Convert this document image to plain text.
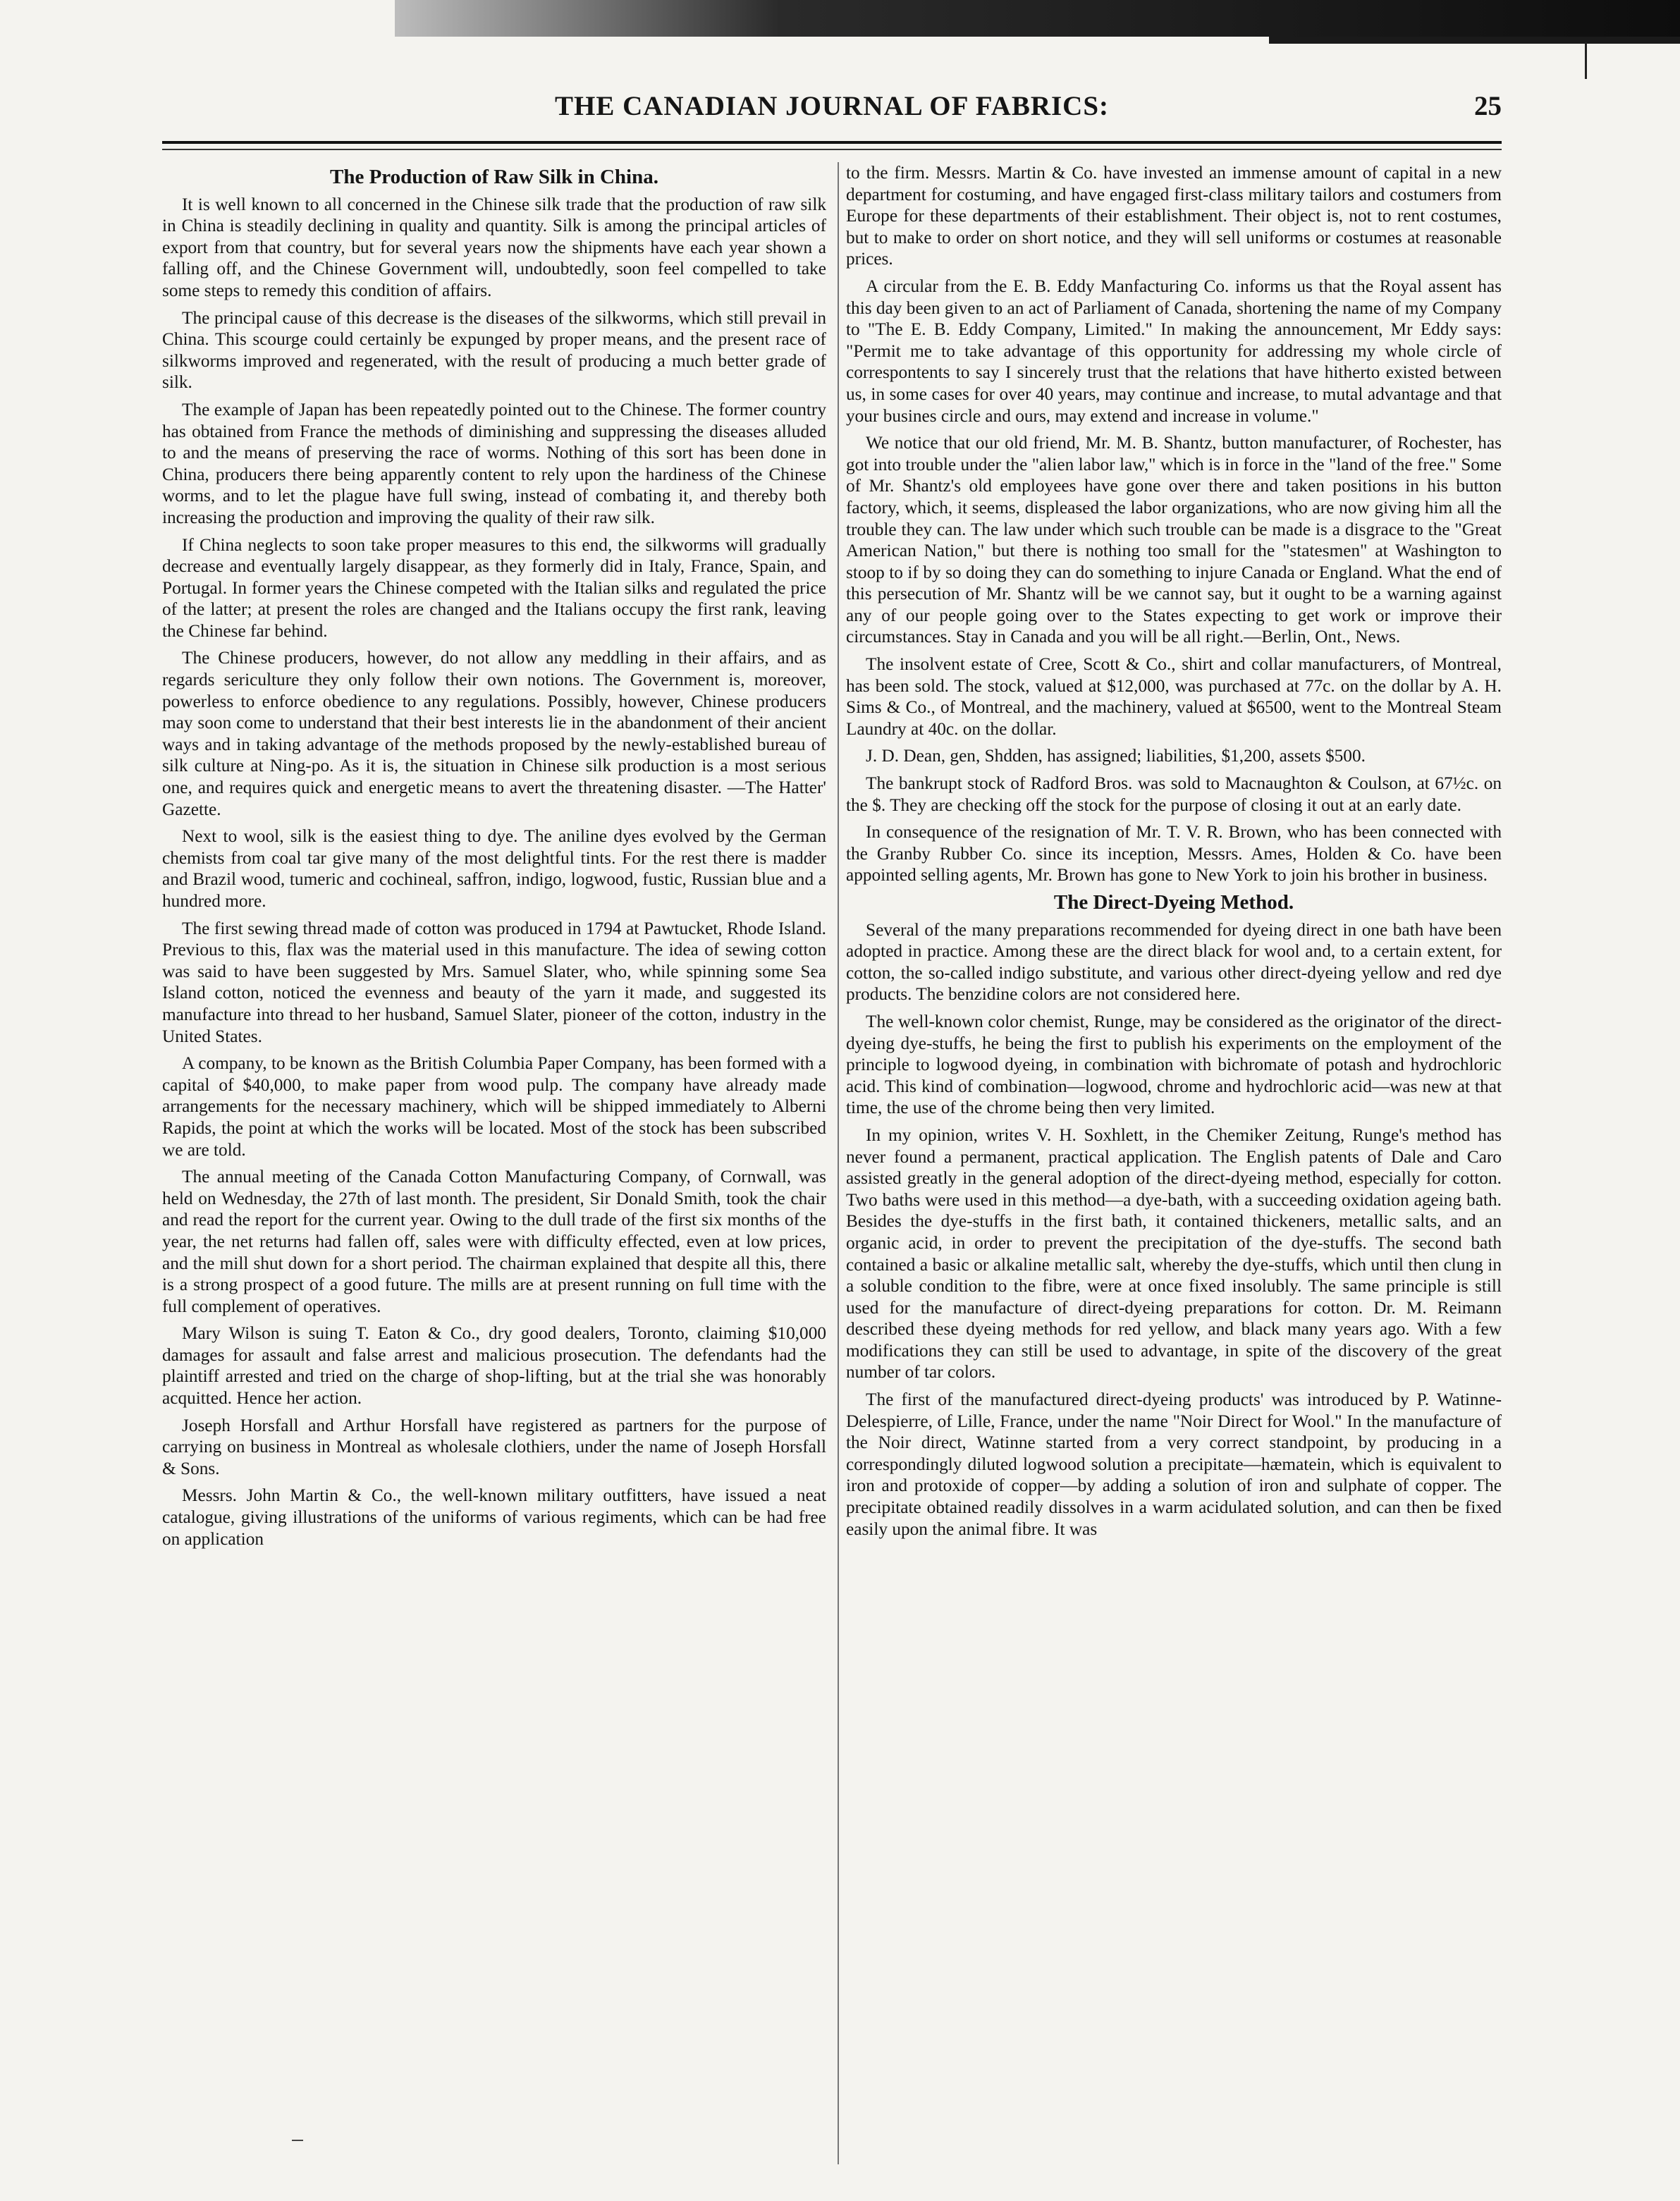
THE CANADIAN JOURNAL OF FABRICS:	25
The Production of Raw Silk in China.

It is well known to all concerned in the Chinese silk trade that the production of raw silk in China is steadily declining in quality and quantity. Silk is among the principal articles of export from that country, but for several years now the shipments have each year shown a falling off, and the Chinese Government will, undoubtedly, soon feel compelled to take some steps to remedy this condition of affairs.

The principal cause of this decrease is the diseases of the silkworms, which still prevail in China. This scourge could certainly be expunged by proper means, and the present race of silkworms improved and regenerated, with the result of producing a much better grade of silk.

The example of Japan has been repeatedly pointed out to the Chinese. The former country has obtained from France the methods of diminishing and suppressing the diseases alluded to and the means of preserving the race of worms. Nothing of this sort has been done in China, producers there being apparently content to rely upon the hardiness of the Chinese worms, and to let the plague have full swing, instead of combating it, and thereby both increasing the production and improving the quality of their raw silk.

If China neglects to soon take proper measures to this end, the silkworms will gradually decrease and eventually largely disappear, as they formerly did in Italy, France, Spain, and Portugal. In former years the Chinese competed with the Italian silks and regulated the price of the latter; at present the roles are changed and the Italians occupy the first rank, leaving the Chinese far behind.

The Chinese producers, however, do not allow any meddling in their affairs, and as regards sericulture they only follow their own notions. The Government is, moreover, powerless to enforce obedience to any regulations. Possibly, however, Chinese producers may soon come to understand that their best interests lie in the abandonment of their ancient ways and in taking advantage of the methods proposed by the newly-established bureau of silk culture at Ning-po. As it is, the situation in Chinese silk production is a most serious one, and requires quick and energetic means to avert the threatening disaster. —The Hatter' Gazette.

Next to wool, silk is the easiest thing to dye. The aniline dyes evolved by the German chemists from coal tar give many of the most delightful tints. For the rest there is madder and Brazil wood, tumeric and cochineal, saffron, indigo, logwood, fustic, Russian blue and a hundred more.

The first sewing thread made of cotton was produced in 1794 at Pawtucket, Rhode Island. Previous to this, flax was the material used in this manufacture. The idea of sewing cotton was said to have been suggested by Mrs. Samuel Slater, who, while spinning some Sea Island cotton, noticed the evenness and beauty of the yarn it made, and suggested its manufacture into thread to her husband, Samuel Slater, pioneer of the cotton, industry in the United States.

A company, to be known as the British Columbia Paper Company, has been formed with a capital of $40,000, to make paper from wood pulp. The company have already made arrangements for the necessary machinery, which will be shipped immediately to Alberni Rapids, the point at which the works will be located. Most of the stock has been subscribed we are told.

The annual meeting of the Canada Cotton Manufacturing Company, of Cornwall, was held on Wednesday, the 27th of last month. The president, Sir Donald Smith, took the chair and read the report for the current year. Owing to the dull trade of the first six months of the year, the net returns had fallen off, sales were with difficulty effected, even at low prices, and the mill shut down for a short period. The chairman explained that despite all this, there is a strong prospect of a good future. The mills are at present running on full time with the full complement of operatives.

Mary Wilson is suing T. Eaton & Co., dry good dealers, Toronto, claiming $10,000 damages for assault and false arrest and malicious prosecution. The defendants had the plaintiff arrested and tried on the charge of shop-lifting, but at the trial she was honorably acquitted. Hence her action.

Joseph Horsfall and Arthur Horsfall have registered as partners for the purpose of carrying on business in Montreal as wholesale clothiers, under the name of Joseph Horsfall & Sons.

Messrs. John Martin & Co., the well-known military outfitters, have issued a neat catalogue, giving illustrations of the uniforms of various regiments, which can be had free on application

to the firm. Messrs. Martin & Co. have invested an immense amount of capital in a new department for costuming, and have engaged first-class military tailors and costumers from Europe for these departments of their establishment. Their object is, not to rent costumes, but to make to order on short notice, and they will sell uniforms or costumes at reasonable prices.

A circular from the E. B. Eddy Manfacturing Co. informs us that the Royal assent has this day been given to an act of Parliament of Canada, shortening the name of my Company to "The E. B. Eddy Company, Limited." In making the announcement, Mr Eddy says: "Permit me to take advantage of this opportunity for addressing my whole circle of correspontents to say I sincerely trust that the relations that have hitherto existed between us, in some cases for over 40 years, may continue and increase, to mutal advantage and that your busines circle and ours, may extend and increase in volume."

We notice that our old friend, Mr. M. B. Shantz, button manufacturer, of Rochester, has got into trouble under the "alien labor law," which is in force in the "land of the free." Some of Mr. Shantz's old employees have gone over there and taken positions in his button factory, which, it seems, displeased the labor organizations, who are now giving him all the trouble they can. The law under which such trouble can be made is a disgrace to the "Great American Nation," but there is nothing too small for the "statesmen" at Washington to stoop to if by so doing they can do something to injure Canada or England. What the end of this persecution of Mr. Shantz will be we cannot say, but it ought to be a warning against any of our people going over to the States expecting to get work or improve their circumstances. Stay in Canada and you will be all right.—Berlin, Ont., News.

The insolvent estate of Cree, Scott & Co., shirt and collar manufacturers, of Montreal, has been sold. The stock, valued at $12,000, was purchased at 77c. on the dollar by A. H. Sims & Co., of Montreal, and the machinery, valued at $6500, went to the Montreal Steam Laundry at 40c. on the dollar.

J. D. Dean, gen, Shdden, has assigned; liabilities, $1,200, assets $500.

The bankrupt stock of Radford Bros. was sold to Macnaughton & Coulson, at 67½c. on the $. They are checking off the stock for the purpose of closing it out at an early date.

In consequence of the resignation of Mr. T. V. R. Brown, who has been connected with the Granby Rubber Co. since its inception, Messrs. Ames, Holden & Co. have been appointed selling agents, Mr. Brown has gone to New York to join his brother in business.

The Direct-Dyeing Method.

Several of the many preparations recommended for dyeing direct in one bath have been adopted in practice. Among these are the direct black for wool and, to a certain extent, for cotton, the so-called indigo substitute, and various other direct-dyeing yellow and red dye products. The benzidine colors are not considered here.

The well-known color chemist, Runge, may be considered as the originator of the direct-dyeing dye-stuffs, he being the first to publish his experiments on the employment of the principle to logwood dyeing, in combination with bichromate of potash and hydrochloric acid. This kind of combination—logwood, chrome and hydrochloric acid—was new at that time, the use of the chrome being then very limited.

In my opinion, writes V. H. Soxhlett, in the Chemiker Zeitung, Runge's method has never found a permanent, practical application. The English patents of Dale and Caro assisted greatly in the general adoption of the direct-dyeing method, especially for cotton. Two baths were used in this method—a dye-bath, with a succeeding oxidation ageing bath. Besides the dye-stuffs in the first bath, it contained thickeners, metallic salts, and an organic acid, in order to prevent the precipitation of the dye-stuffs. The second bath contained a basic or alkaline metallic salt, whereby the dye-stuffs, which until then clung in a soluble condition to the fibre, were at once fixed insolubly. The same principle is still used for the manufacture of direct-dyeing preparations for cotton. Dr. M. Reimann described these dyeing methods for red yellow, and black many years ago. With a few modifications they can still be used to advantage, in spite of the discovery of the great number of tar colors.

The first of the manufactured direct-dyeing products' was introduced by P. Watinne-Delespierre, of Lille, France, under the name "Noir Direct for Wool." In the manufacture of the Noir direct, Watinne started from a very correct standpoint, by producing in a correspondingly diluted logwood solution a precipitate—hæmatein, which is equivalent to iron and protoxide of copper—by adding a solution of iron and sulphate of copper. The precipitate obtained readily dissolves in a warm acidulated solution, and can then be fixed easily upon the animal fibre. It was
